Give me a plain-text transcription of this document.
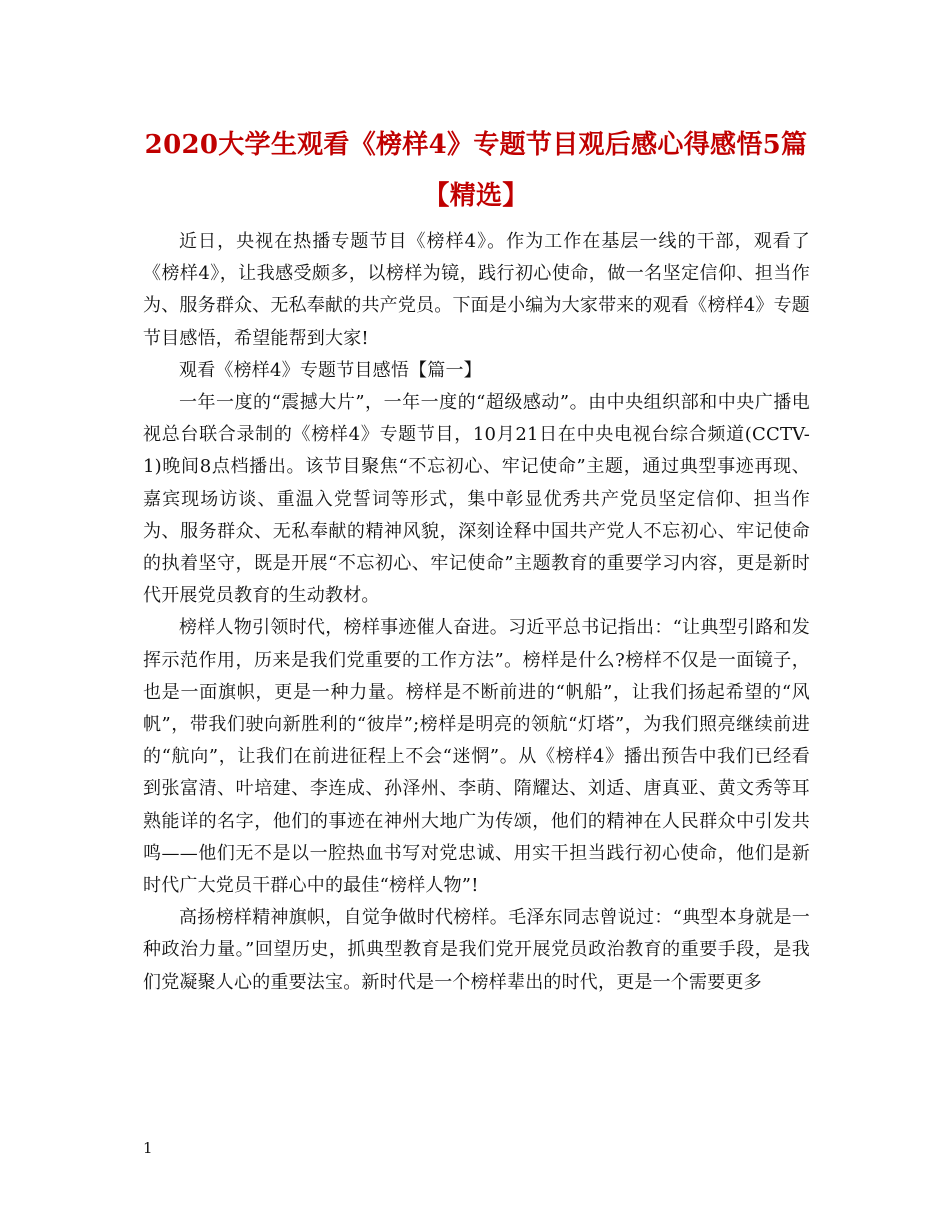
2020大学生观看《榜样4》专题节目观后感心得感悟5篇【精选】

近日，央视在热播专题节目《榜样4》。作为工作在基层一线的干部，观看了《榜样4》，让我感受颇多，以榜样为镜，践行初心使命，做一名坚定信仰、担当作为、服务群众、无私奉献的共产党员。下面是小编为大家带来的观看《榜样4》专题节目感悟，希望能帮到大家!

观看《榜样4》专题节目感悟【篇一】

一年一度的“震撼大片”，一年一度的“超级感动”。由中央组织部和中央广播电视总台联合录制的《榜样4》专题节目，10月21日在中央电视台综合频道(CCTV-1)晚间8点档播出。该节目聚焦“不忘初心、牢记使命”主题，通过典型事迹再现、嘉宾现场访谈、重温入党誓词等形式，集中彰显优秀共产党员坚定信仰、担当作为、服务群众、无私奉献的精神风貌，深刻诠释中国共产党人不忘初心、牢记使命的执着坚守，既是开展“不忘初心、牢记使命”主题教育的重要学习内容，更是新时代开展党员教育的生动教材。

榜样人物引领时代，榜样事迹催人奋进。习近平总书记指出：“让典型引路和发挥示范作用，历来是我们党重要的工作方法”。榜样是什么?榜样不仅是一面镜子，也是一面旗帜，更是一种力量。榜样是不断前进的“帆船”，让我们扬起希望的“风帆”，带我们驶向新胜利的“彼岸”;榜样是明亮的领航“灯塔”，为我们照亮继续前进的“航向”，让我们在前进征程上不会“迷惘”。从《榜样4》播出预告中我们已经看到张富清、叶培建、李连成、孙泽州、李萌、隋耀达、刘适、唐真亚、黄文秀等耳熟能详的名字，他们的事迹在神州大地广为传颂，他们的精神在人民群众中引发共鸣——他们无不是以一腔热血书写对党忠诚、用实干担当践行初心使命，他们是新时代广大党员干群心中的最佳“榜样人物”!

高扬榜样精神旗帜，自觉争做时代榜样。毛泽东同志曾说过：“典型本身就是一种政治力量。”回望历史，抓典型教育是我们党开展党员政治教育的重要手段，是我们党凝聚人心的重要法宝。新时代是一个榜样辈出的时代，更是一个需要更多

1
